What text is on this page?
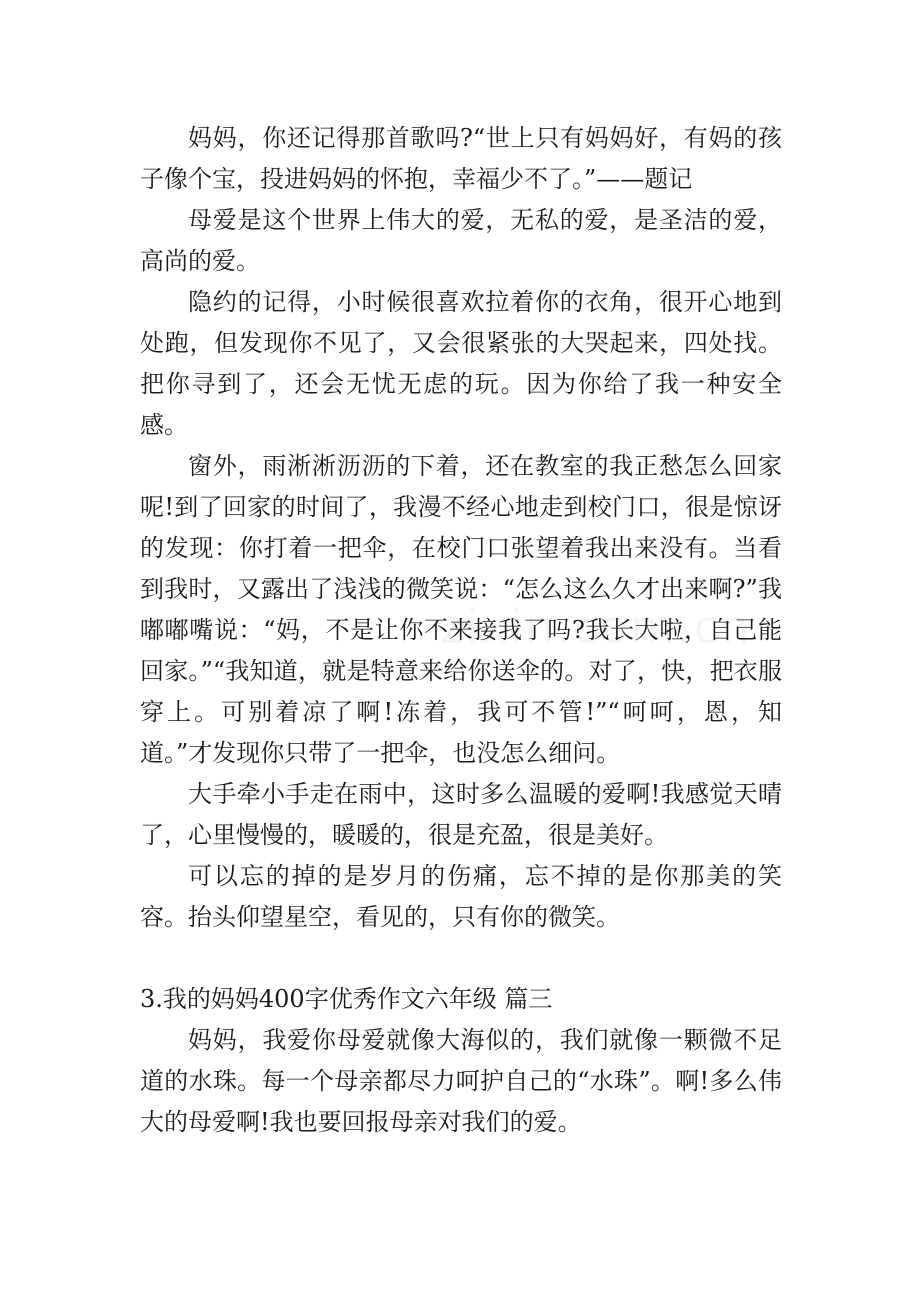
妈妈，你还记得那首歌吗?“世上只有妈妈好，有妈的孩子像个宝，投进妈妈的怀抱，幸福少不了。”——题记

母爱是这个世界上伟大的爱，无私的爱，是圣洁的爱，高尚的爱。

隐约的记得，小时候很喜欢拉着你的衣角，很开心地到处跑，但发现你不见了，又会很紧张的大哭起来，四处找。把你寻到了，还会无忧无虑的玩。因为你给了我一种安全感。

窗外，雨淅淅沥沥的下着，还在教室的我正愁怎么回家呢!到了回家的时间了，我漫不经心地走到校门口，很是惊讶的发现：你打着一把伞，在校门口张望着我出来没有。当看到我时，又露出了浅浅的微笑说：“怎么这么久才出来啊?”我嘟嘟嘴说：“妈，不是让你不来接我了吗?我长大啦，自己能回家。”“我知道，就是特意来给你送伞的。对了，快，把衣服穿上。可别着凉了啊!冻着，我可不管!”“呵呵，恩，知道。”才发现你只带了一把伞，也没怎么细问。

大手牵小手走在雨中，这时多么温暖的爱啊!我感觉天晴了，心里慢慢的，暖暖的，很是充盈，很是美好。

可以忘的掉的是岁月的伤痛，忘不掉的是你那美的笑容。抬头仰望星空，看见的，只有你的微笑。

3.我的妈妈400字优秀作文六年级 篇三

妈妈，我爱你母爱就像大海似的，我们就像一颗微不足道的水珠。每一个母亲都尽力呵护自己的“水珠”。啊!多么伟大的母爱啊!我也要回报母亲对我们的爱。
